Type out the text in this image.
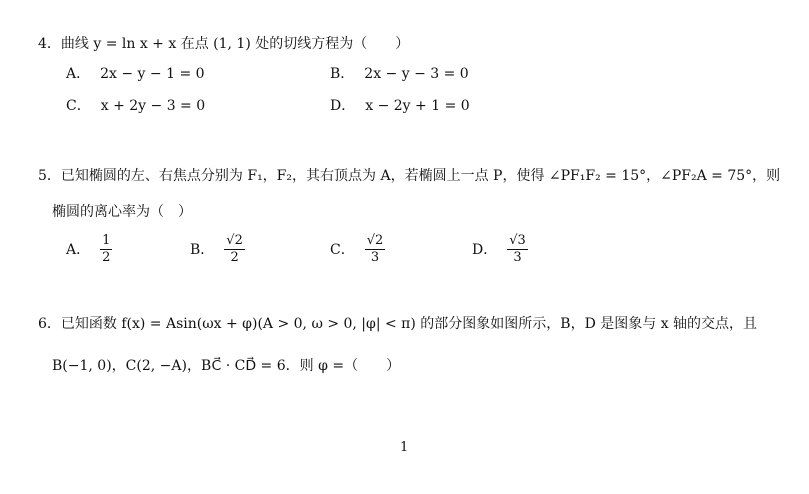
4．曲线 y = ln x + x 在点 (1, 1) 处的切线方程为（　　）
A． 2x − y − 1 = 0	B． 2x − y − 3 = 0
C． x + 2y − 3 = 0	D． x − 2y + 1 = 0
5．已知椭圆的左、右焦点分别为 F₁，F₂，其右顶点为 A，若椭圆上一点 P，使得 ∠PF₁F₂ = 15°，∠PF₂A = 75°，则
椭圆的离心率为（　）
A． $\frac{1}{2}$	B． $\frac{√2}{2}$	C． $\frac{√2}{3}$	D． $\frac{√3}{3}$
6．已知函数 f(x) = Asin(ωx + φ)(A > 0, ω > 0, |φ| < π) 的部分图象如图所示，B，D 是图象与 x 轴的交点，且
B(−1, 0)，C(2, −A)，BC⃗ · CD⃗ = 6．则 φ =（　　）
1
